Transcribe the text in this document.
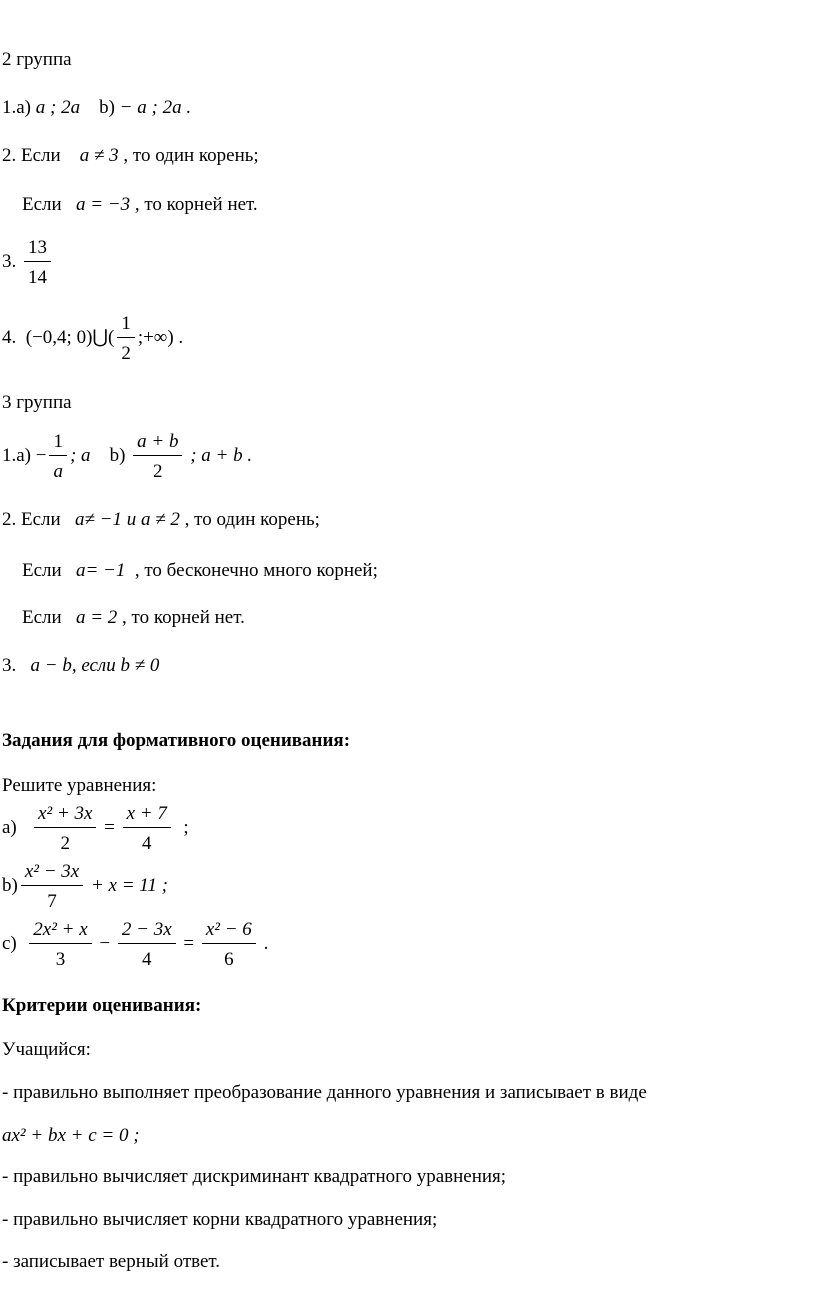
2 группа
1.a) a ; 2a b) − a ; 2a .
2. Если a ≠ 3 , то один корень;
Если a = −3 , то корней нет.
3. $\frac{13}{14}$
4. (−0,4; 0)⋃( $\frac{1}{2}$ ;+∞) .
3 группа
$1.a) - \frac{1}{a}$ ; a $b) \frac{a + b}{2}$ ; a + b .
2. Если a≠ −1 и a ≠ 2 , то один корень;
Если a= −1 , то бесконечно много корней;
Если a = 2 , то корней нет.
3. a − b, если b ≠ 0
Задания для формативного оценивания:
Решите уравнения:
$a) \frac{\text{x² + 3x}}{2} = \frac{x + 7}{4}$ ;
$b) \frac{\text{x² − 3x}}{7} + x = 11$ ;
$c) \frac{\text{2x² + x}}{3} - \frac{2 - 3x}{4} = \frac{\text{x² − 6}}{6}$ .
Критерии оценивания:
Учащийся:
- правильно выполняет преобразование данного уравнения и записывает в виде
ax² + bx + c = 0 ;
- правильно вычисляет дискриминант квадратного уравнения;
- правильно вычисляет корни квадратного уравнения;
- записывает верный ответ.
